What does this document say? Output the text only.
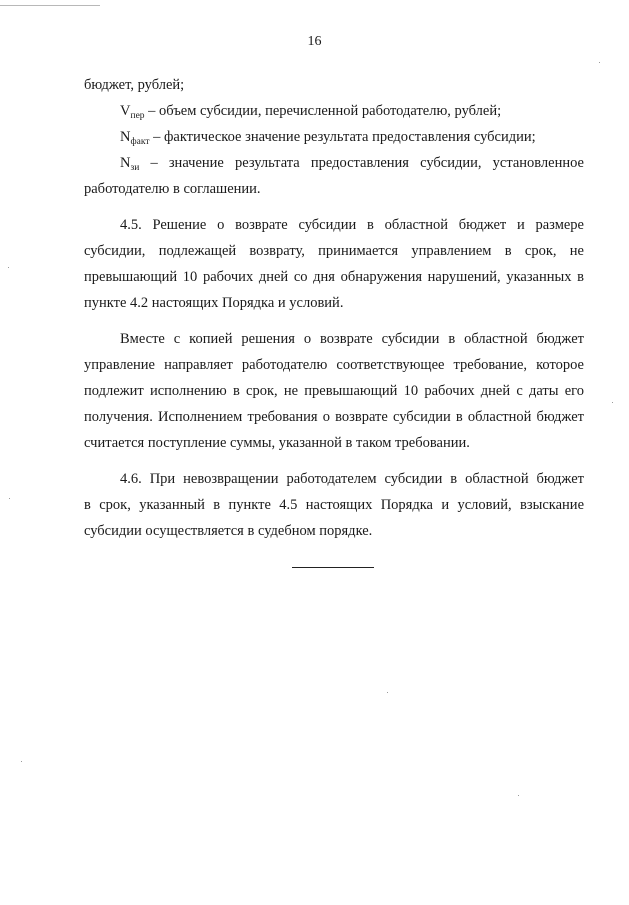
16
бюджет, рублей;
$V_{пер}$ – объем субсидии, перечисленной работодателю, рублей;
$N_{факт}$ – фактическое значение результата предоставления субсидии;
$N_{зи}$ – значение результата предоставления субсидии, установленное
работодателю в соглашении.
4.5. Решение о возврате субсидии в областной бюджет и размере
субсидии, подлежащей возврату, принимается управлением в срок, не
превышающий 10 рабочих дней со дня обнаружения нарушений, указанных в
пункте 4.2 настоящих Порядка и условий.
Вместе с копией решения о возврате субсидии в областной бюджет
управление направляет работодателю соответствующее требование, которое
подлежит исполнению в срок, не превышающий 10 рабочих дней с даты его
получения. Исполнением требования о возврате субсидии в областной бюджет
считается поступление суммы, указанной в таком требовании.
4.6. При невозвращении работодателем субсидии в областной бюджет
в срок, указанный в пункте 4.5 настоящих Порядка и условий, взыскание
субсидии осуществляется в судебном порядке.
